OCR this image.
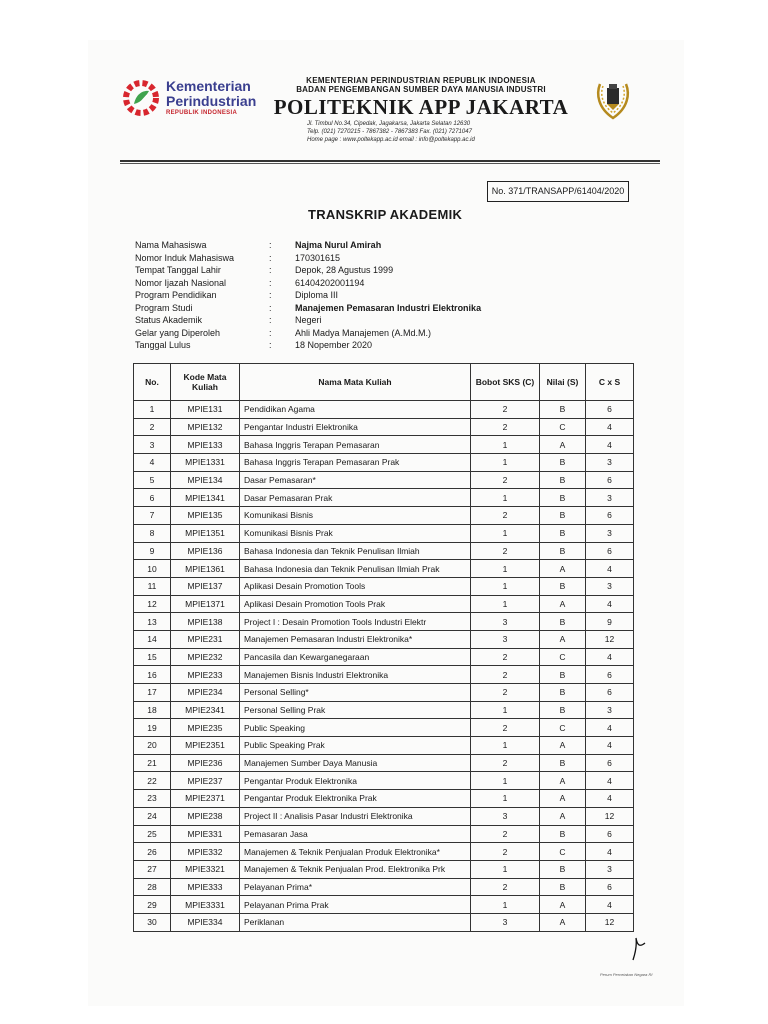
Kementerian
Perindustrian
REPUBLIK INDONESIA
KEMENTERIAN PERINDUSTRIAN REPUBLIK INDONESIA
BADAN PENGEMBANGAN SUMBER DAYA MANUSIA INDUSTRI
POLITEKNIK APP JAKARTA
Jl. Timbul No.34, Cipedak, Jagakarsa, Jakarta Selatan 12630
Telp. (021) 7270215 - 7867382 - 7867383 Fax. (021) 7271047
Home page : www.poltekapp.ac.id email : info@poltekapp.ac.id
No. 371/TRANSAPP/61404/2020
TRANSKRIP AKADEMIK
Nama Mahasiswa	:	Najma Nurul Amirah
Nomor Induk Mahasiswa	:	170301615
Tempat Tanggal Lahir	:	Depok, 28 Agustus 1999
Nomor Ijazah Nasional	:	61404202001194
Program Pendidikan	:	Diploma III
Program Studi	:	Manajemen Pemasaran Industri Elektronika
Status Akademik	:	Negeri
Gelar yang Diperoleh	:	Ahli Madya Manajemen (A.Md.M.)
Tanggal Lulus	:	18 Nopember 2020
No.	Kode Mata Kuliah	Nama Mata Kuliah	Bobot SKS (C)	Nilai (S)	C x S
1	MPIE131	Pendidikan Agama	2	B	6
2	MPIE132	Pengantar Industri Elektronika	2	C	4
3	MPIE133	Bahasa Inggris Terapan Pemasaran	1	A	4
4	MPIE1331	Bahasa Inggris Terapan Pemasaran Prak	1	B	3
5	MPIE134	Dasar Pemasaran*	2	B	6
6	MPIE1341	Dasar Pemasaran Prak	1	B	3
7	MPIE135	Komunikasi Bisnis	2	B	6
8	MPIE1351	Komunikasi Bisnis Prak	1	B	3
9	MPIE136	Bahasa Indonesia dan Teknik Penulisan Ilmiah	2	B	6
10	MPIE1361	Bahasa Indonesia dan Teknik Penulisan Ilmiah Prak	1	A	4
11	MPIE137	Aplikasi Desain Promotion Tools	1	B	3
12	MPIE1371	Aplikasi Desain Promotion Tools Prak	1	A	4
13	MPIE138	Project I : Desain Promotion Tools Industri Elektr	3	B	9
14	MPIE231	Manajemen Pemasaran Industri Elektronika*	3	A	12
15	MPIE232	Pancasila dan Kewarganegaraan	2	C	4
16	MPIE233	Manajemen Bisnis Industri Elektronika	2	B	6
17	MPIE234	Personal Selling*	2	B	6
18	MPIE2341	Personal Selling Prak	1	B	3
19	MPIE235	Public Speaking	2	C	4
20	MPIE2351	Public Speaking Prak	1	A	4
21	MPIE236	Manajemen Sumber Daya Manusia	2	B	6
22	MPIE237	Pengantar Produk Elektronika	1	A	4
23	MPIE2371	Pengantar Produk Elektronika Prak	1	A	4
24	MPIE238	Project II : Analisis Pasar Industri Elektronika	3	A	12
25	MPIE331	Pemasaran Jasa	2	B	6
26	MPIE332	Manajemen & Teknik Penjualan Produk Elektronika*	2	C	4
27	MPIE3321	Manajemen & Teknik Penjualan Prod. Elektronika Prk	1	B	3
28	MPIE333	Pelayanan Prima*	2	B	6
29	MPIE3331	Pelayanan Prima Prak	1	A	4
30	MPIE334	Periklanan	3	A	12
Perum Percetakan Negara RI
